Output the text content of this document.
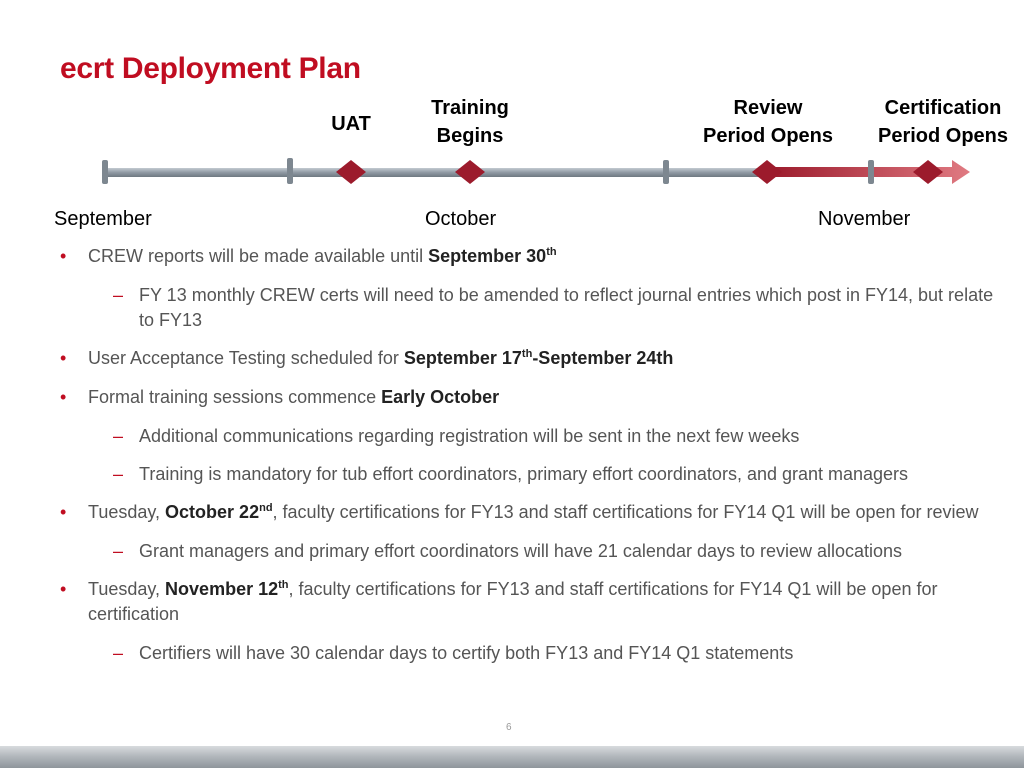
ecrt Deployment Plan
UAT
Training
Begins
Review
Period Opens
Certification
Period Opens
September	October	November
• CREW reports will be made available until September 30th
– FY 13 monthly CREW certs will need to be amended to reflect journal entries which post in FY14, but relate to FY13
• User Acceptance Testing scheduled for September 17th-September 24th
• Formal training sessions commence Early October
– Additional communications regarding registration will be sent in the next few weeks
– Training is mandatory for tub effort coordinators, primary effort coordinators, and grant managers
• Tuesday, October 22nd, faculty certifications for FY13 and staff certifications for FY14 Q1 will be open for review
– Grant managers and primary effort coordinators will have 21 calendar days to review allocations
• Tuesday, November 12th, faculty certifications for FY13 and staff certifications for FY14 Q1 will be open for certification
– Certifiers will have 30 calendar days to certify both FY13 and FY14 Q1 statements
6
